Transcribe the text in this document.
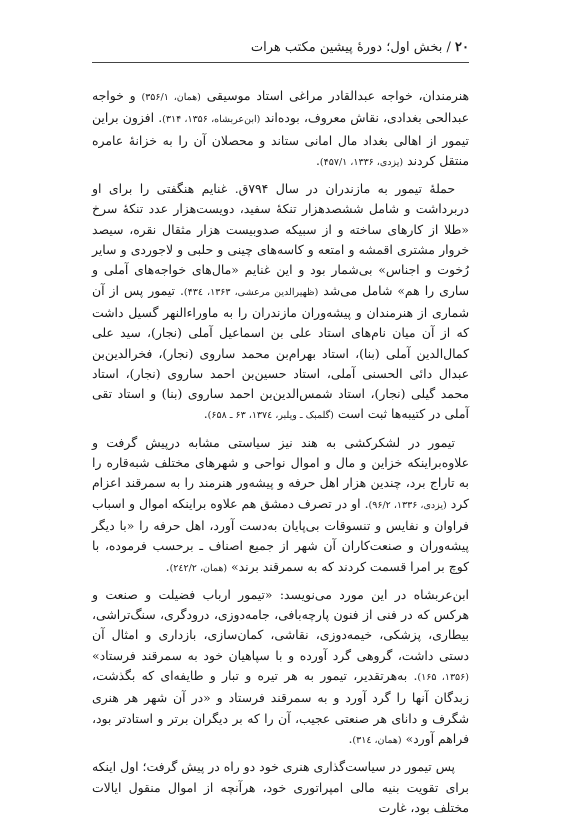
۲۰ / بخش اول؛ دورهٔ پیشین مکتب هرات

هنرمندان، خواجه عبدالقادر مراغی استاد موسیقی (همان، ۳۵۶/۱) و خواجه عبدالحی بغدادی، نقاش معروف، بوده‌اند (ابن‌عربشاه، ۱۳۵۶، ۳۱۴). افزون براین تیمور از اهالی بغداد مال امانی ستاند و محصلان آن را به خزانهٔ عامره منتقل کردند (یزدی، ۱۳۳۶، ۴۵۷/۱).

حملهٔ تیمور به مازندران در سال ۷۹۴ق. غنایم هنگفتی را برای او دربرداشت و شامل ششصدهزار تنکهٔ سفید، دویست‌هزار عدد تنکهٔ سرخ «طلا از کارهای ساخته و از سبیکه صدوبیست هزار مثقال نقره، سیصد خروار مشتری اقمشه و امتعه و کاسه‌های چینی و حلبی و لاجوردی و سایر رُخوت و اجناس» بی‌شمار بود و این غنایم «مال‌های خواجه‌های آملی و ساری را هم» شامل می‌شد (ظهیرالدین مرعشی، ۱۳۶۳، ۴۳٤). تیمور پس از آن شماری از هنرمندان و پیشه‌وران مازندران را به ماوراءالنهر گسیل داشت که از آن میان نام‌های استاد علی بن اسماعیل آملی (نجار)، سید علی کمال‌الدین آملی (بنا)، استاد بهرام‌بن محمد ساروی (نجار)، فخرالدین‌بن عبدال دائی الحسنی آملی، استاد حسین‌بن احمد ساروی (نجار)، استاد محمد گیلی (نجار)، استاد شمس‌الدین‌بن احمد ساروی (بنا) و استاد تقی آملی در کتیبه‌ها ثبت است (گلمبک ـ ویلبر، ۱۳۷٤، ۶۳ ـ ۶۵۸).

تیمور در لشکرکشی به هند نیز سیاستی مشابه درپیش گرفت و علاوه‌براینکه خزاین و مال و اموال نواحی و شهرهای مختلف شبه‌قاره را به تاراج برد، چندین هزار اهل حرفه و پیشه‌ور هنرمند را به سمرقند اعزام کرد (یزدی، ۱۳۳۶، ۹۶/۲). او در تصرف دمشق هم علاوه براینکه اموال و اسباب فراوان و نفایس و تنسوقات بی‌پایان به‌دست آورد، اهل حرفه را «با دیگر پیشه‌وران و صنعت‌کاران آن شهر از جمیع اصناف ـ برحسب فرموده، با کوچ بر امرا قسمت کردند که به سمرقند برند» (همان، ۲٤۲/۲).

ابن‌عربشاه در این مورد می‌نویسد: «تیمور ارباب فضیلت و صنعت و هرکس که در فنی از فنون پارچه‌بافی، جامه‌دوزی، درودگری، سنگ‌تراشی، بیطاری، پزشکی، خیمه‌دوزی، نقاشی، کمان‌سازی، بازداری و امثال آن دستی داشت، گروهی گرد آورده و با سپاهیان خود به سمرقند فرستاد» (۱۳۵۶، ۱۶۵). به‌هرتقدیر، تیمور به هر تیره و تبار و طایفه‌ای که بگذشت، زبدگان آنها را گرد آورد و به سمرقند فرستاد و «در آن شهر هر هنری شگرف و دانای هر صنعتی عجیب، آن را که بر دیگران برتر و استادتر بود، فراهم آورد» (همان، ۳۱٤).

پس تیمور در سیاست‌گذاری هنری خود دو راه در پیش گرفت؛ اول اینکه برای تقویت بنیه مالی امپراتوری خود، هرآنچه از اموال منقول ایالات مختلف بود، غارت
